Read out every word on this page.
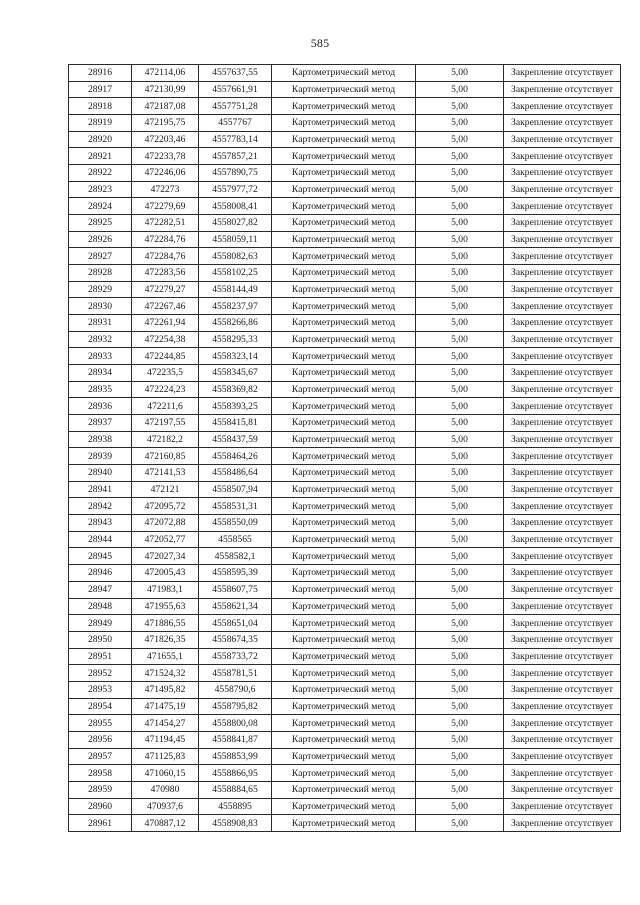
585
28916	472114,06	4557637,55	Картометрический метод	5,00	Закрепление отсутствует
28917	472130,99	4557661,91	Картометрический метод	5,00	Закрепление отсутствует
28918	472187,08	4557751,28	Картометрический метод	5,00	Закрепление отсутствует
28919	472195,75	4557767	Картометрический метод	5,00	Закрепление отсутствует
28920	472203,46	4557783,14	Картометрический метод	5,00	Закрепление отсутствует
28921	472233,78	4557857,21	Картометрический метод	5,00	Закрепление отсутствует
28922	472246,06	4557890,75	Картометрический метод	5,00	Закрепление отсутствует
28923	472273	4557977,72	Картометрический метод	5,00	Закрепление отсутствует
28924	472279,69	4558008,41	Картометрический метод	5,00	Закрепление отсутствует
28925	472282,51	4558027,82	Картометрический метод	5,00	Закрепление отсутствует
28926	472284,76	4558059,11	Картометрический метод	5,00	Закрепление отсутствует
28927	472284,76	4558082,63	Картометрический метод	5,00	Закрепление отсутствует
28928	472283,56	4558102,25	Картометрический метод	5,00	Закрепление отсутствует
28929	472279,27	4558144,49	Картометрический метод	5,00	Закрепление отсутствует
28930	472267,46	4558237,97	Картометрический метод	5,00	Закрепление отсутствует
28931	472261,94	4558266,86	Картометрический метод	5,00	Закрепление отсутствует
28932	472254,38	4558295,33	Картометрический метод	5,00	Закрепление отсутствует
28933	472244,85	4558323,14	Картометрический метод	5,00	Закрепление отсутствует
28934	472235,5	4558345,67	Картометрический метод	5,00	Закрепление отсутствует
28935	472224,23	4558369,82	Картометрический метод	5,00	Закрепление отсутствует
28936	472211,6	4558393,25	Картометрический метод	5,00	Закрепление отсутствует
28937	472197,55	4558415,81	Картометрический метод	5,00	Закрепление отсутствует
28938	472182,2	4558437,59	Картометрический метод	5,00	Закрепление отсутствует
28939	472160,85	4558464,26	Картометрический метод	5,00	Закрепление отсутствует
28940	472141,53	4558486,64	Картометрический метод	5,00	Закрепление отсутствует
28941	472121	4558507,94	Картометрический метод	5,00	Закрепление отсутствует
28942	472095,72	4558531,31	Картометрический метод	5,00	Закрепление отсутствует
28943	472072,88	4558550,09	Картометрический метод	5,00	Закрепление отсутствует
28944	472052,77	4558565	Картометрический метод	5,00	Закрепление отсутствует
28945	472027,34	4558582,1	Картометрический метод	5,00	Закрепление отсутствует
28946	472005,43	4558595,39	Картометрический метод	5,00	Закрепление отсутствует
28947	471983,1	4558607,75	Картометрический метод	5,00	Закрепление отсутствует
28948	471955,63	4558621,34	Картометрический метод	5,00	Закрепление отсутствует
28949	471886,55	4558651,04	Картометрический метод	5,00	Закрепление отсутствует
28950	471826,35	4558674,35	Картометрический метод	5,00	Закрепление отсутствует
28951	471655,1	4558733,72	Картометрический метод	5,00	Закрепление отсутствует
28952	471524,32	4558781,51	Картометрический метод	5,00	Закрепление отсутствует
28953	471495,82	4558790,6	Картометрический метод	5,00	Закрепление отсутствует
28954	471475,19	4558795,82	Картометрический метод	5,00	Закрепление отсутствует
28955	471454,27	4558800,08	Картометрический метод	5,00	Закрепление отсутствует
28956	471194,45	4558841,87	Картометрический метод	5,00	Закрепление отсутствует
28957	471125,83	4558853,99	Картометрический метод	5,00	Закрепление отсутствует
28958	471060,15	4558866,95	Картометрический метод	5,00	Закрепление отсутствует
28959	470980	4558884,65	Картометрический метод	5,00	Закрепление отсутствует
28960	470937,6	4558895	Картометрический метод	5,00	Закрепление отсутствует
28961	470887,12	4558908,83	Картометрический метод	5,00	Закрепление отсутствует
